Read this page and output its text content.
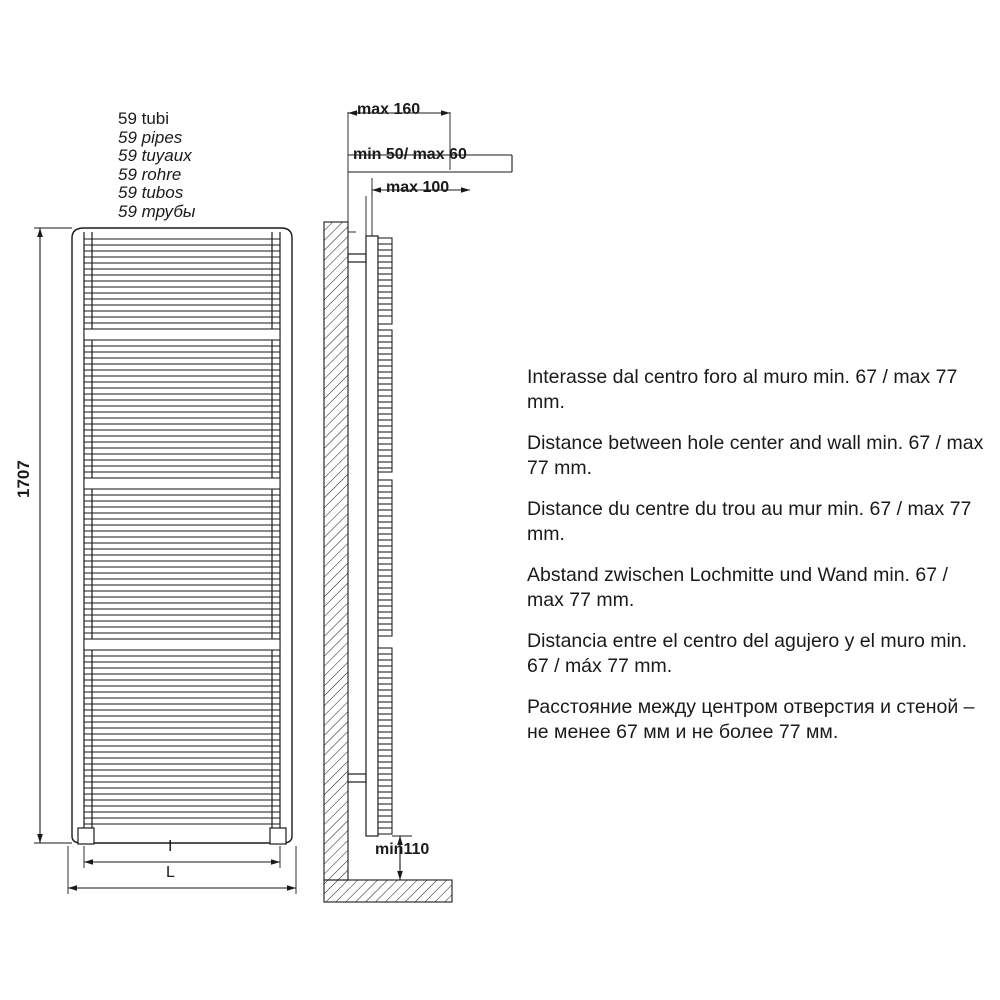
59 tubi
59 pipes
59 tuyaux
59 rohre
59 tubos
59 трубы
1707
max 160
min 50/ max 60
max 100
min110
I
L

Interasse dal centro foro al muro min. 67 / max 77 mm.

Distance between hole center and wall min. 67 / max 77 mm.

Distance du centre du trou au mur min. 67 / max 77 mm.

Abstand zwischen Lochmitte und Wand min. 67 / max 77 mm.

Distancia entre el centro del agujero y el muro min. 67 / máx 77 mm.

Расстояние между центром отверстия и стеной – не менее 67 мм и не более 77 мм.
